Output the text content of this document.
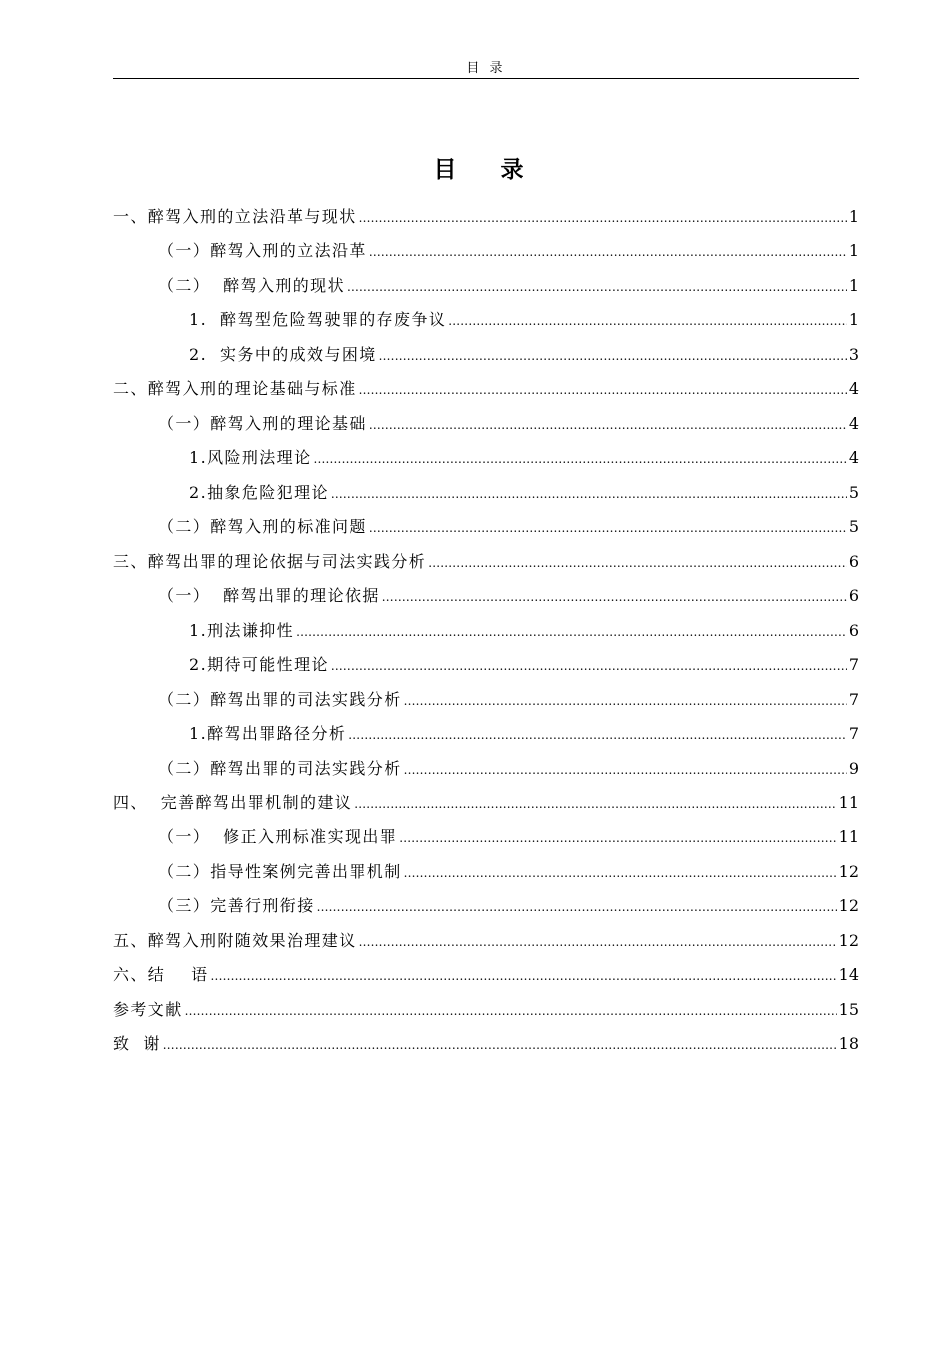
目 录
目 录
一、醉驾入刑的立法沿革与现状 .....	1
（一）醉驾入刑的立法沿革 .....	1
（二）  醉驾入刑的现状 .....	1
1.  醉驾型危险驾驶罪的存废争议 .....	1
2.  实务中的成效与困境 .....	3
二、醉驾入刑的理论基础与标准 .....	4
（一）醉驾入刑的理论基础 .....	4
1.风险刑法理论 .....	4
2.抽象危险犯理论 .....	5
（二）醉驾入刑的标准问题 .....	5
三、醉驾出罪的理论依据与司法实践分析 .....	6
（一）  醉驾出罪的理论依据 .....	6
1.刑法谦抑性 .....	6
2.期待可能性理论 .....	7
（二）醉驾出罪的司法实践分析 .....	7
1.醉驾出罪路径分析 .....	7
（二）醉驾出罪的司法实践分析 .....	9
四、  完善醉驾出罪机制的建议 .....	11
（一）  修正入刑标准实现出罪 .....	11
（二）指导性案例完善出罪机制 .....	12
（三）完善行刑衔接 .....	12
五、醉驾入刑附随效果治理建议 .....	12
六、结    语 .....	14
参考文献 .....	15
致  谢 .....	18
